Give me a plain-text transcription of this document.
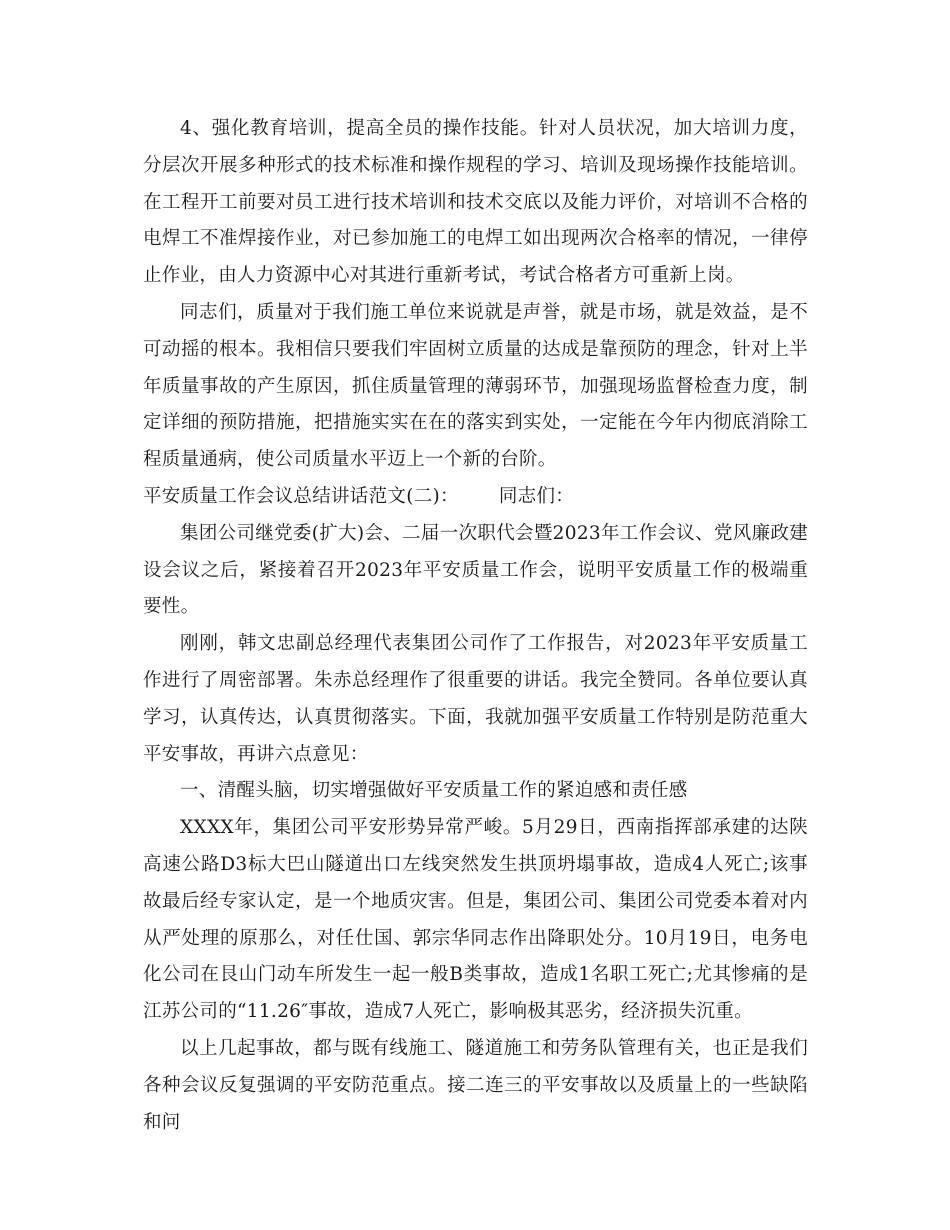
4、强化教育培训，提高全员的操作技能。针对人员状况，加大培训力度，分层次开展多种形式的技术标准和操作规程的学习、培训及现场操作技能培训。在工程开工前要对员工进行技术培训和技术交底以及能力评价，对培训不合格的电焊工不准焊接作业，对已参加施工的电焊工如出现两次合格率的情况，一律停止作业，由人力资源中心对其进行重新考试，考试合格者方可重新上岗。

同志们，质量对于我们施工单位来说就是声誉，就是市场，就是效益，是不可动摇的根本。我相信只要我们牢固树立质量的达成是靠预防的理念，针对上半年质量事故的产生原因，抓住质量管理的薄弱环节，加强现场监督检查力度，制定详细的预防措施，把措施实实在在的落实到实处，一定能在今年内彻底消除工程质量通病，使公司质量水平迈上一个新的台阶。

平安质量工作会议总结讲话范文(二)： 同志们：

集团公司继党委(扩大)会、二届一次职代会暨2023年工作会议、党风廉政建设会议之后，紧接着召开2023年平安质量工作会，说明平安质量工作的极端重要性。

刚刚，韩文忠副总经理代表集团公司作了工作报告，对2023年平安质量工作进行了周密部署。朱赤总经理作了很重要的讲话。我完全赞同。各单位要认真学习，认真传达，认真贯彻落实。下面，我就加强平安质量工作特别是防范重大平安事故，再讲六点意见：

一、清醒头脑，切实增强做好平安质量工作的紧迫感和责任感

XXXX年，集团公司平安形势异常严峻。5月29日，西南指挥部承建的达陕高速公路D3标大巴山隧道出口左线突然发生拱顶坍塌事故，造成4人死亡;该事故最后经专家认定，是一个地质灾害。但是，集团公司、集团公司党委本着对内从严处理的原那么，对任仕国、郭宗华同志作出降职处分。10月19日，电务电化公司在艮山门动车所发生一起一般B类事故，造成1名职工死亡;尤其惨痛的是江苏公司的“11.26″事故，造成7人死亡，影响极其恶劣，经济损失沉重。

以上几起事故，都与既有线施工、隧道施工和劳务队管理有关，也正是我们各种会议反复强调的平安防范重点。接二连三的平安事故以及质量上的一些缺陷和问
